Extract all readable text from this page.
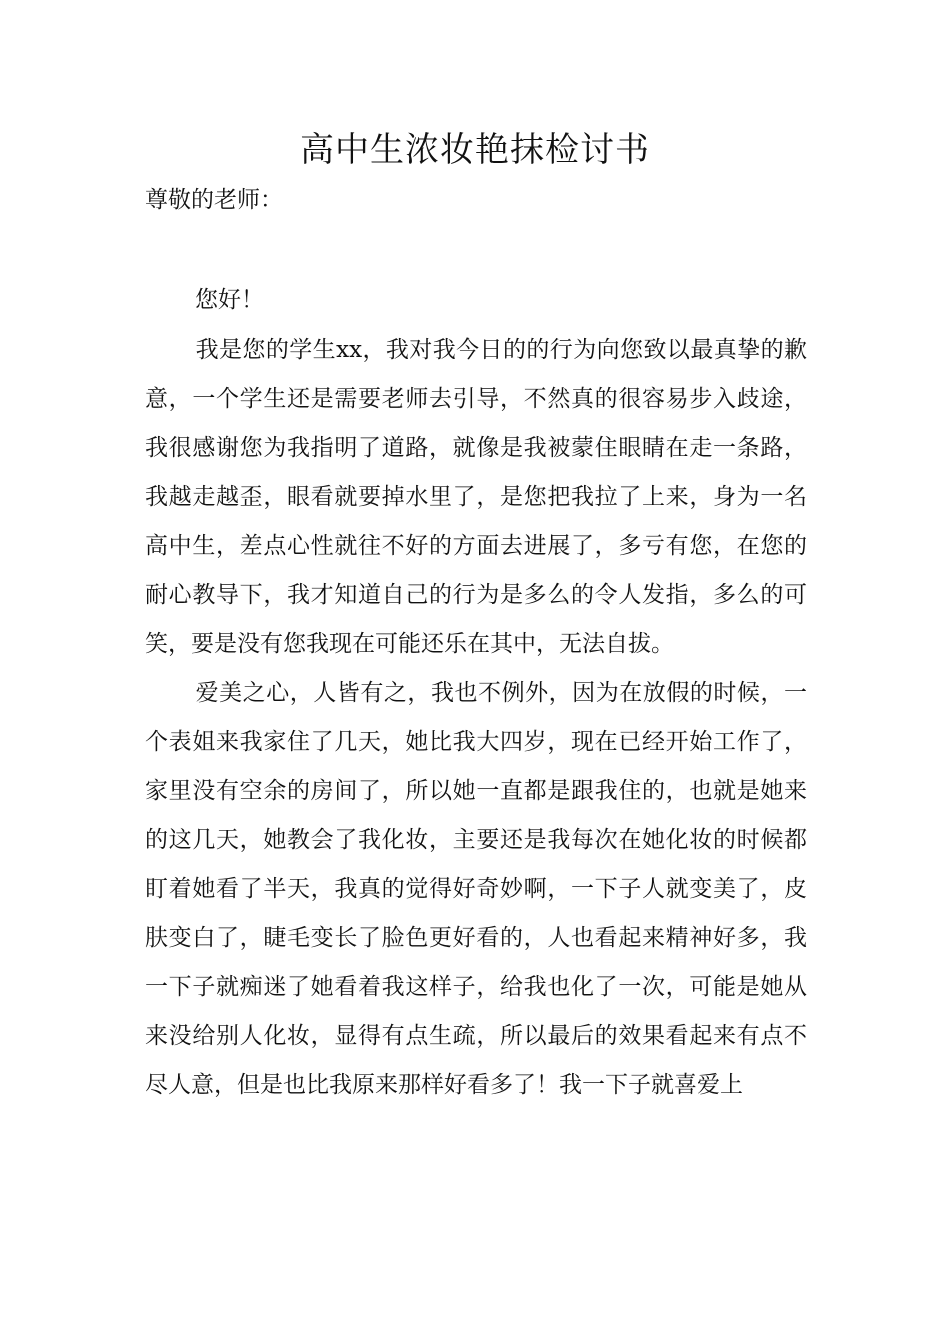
高中生浓妆艳抹检讨书

尊敬的老师：

您好！

我是您的学生xx，我对我今日的的行为向您致以最真挚的歉意，一个学生还是需要老师去引导，不然真的很容易步入歧途，我很感谢您为我指明了道路，就像是我被蒙住眼睛在走一条路，我越走越歪，眼看就要掉水里了，是您把我拉了上来，身为一名高中生，差点心性就往不好的方面去进展了，多亏有您，在您的耐心教导下，我才知道自己的行为是多么的令人发指，多么的可笑，要是没有您我现在可能还乐在其中，无法自拔。

爱美之心，人皆有之，我也不例外，因为在放假的时候，一个表姐来我家住了几天，她比我大四岁，现在已经开始工作了，家里没有空余的房间了，所以她一直都是跟我住的，也就是她来的这几天，她教会了我化妆，主要还是我每次在她化妆的时候都盯着她看了半天，我真的觉得好奇妙啊，一下子人就变美了，皮肤变白了，睫毛变长了脸色更好看的，人也看起来精神好多，我一下子就痴迷了她看着我这样子，给我也化了一次，可能是她从来没给别人化妆，显得有点生疏，所以最后的效果看起来有点不尽人意，但是也比我原来那样好看多了！我一下子就喜爱上
